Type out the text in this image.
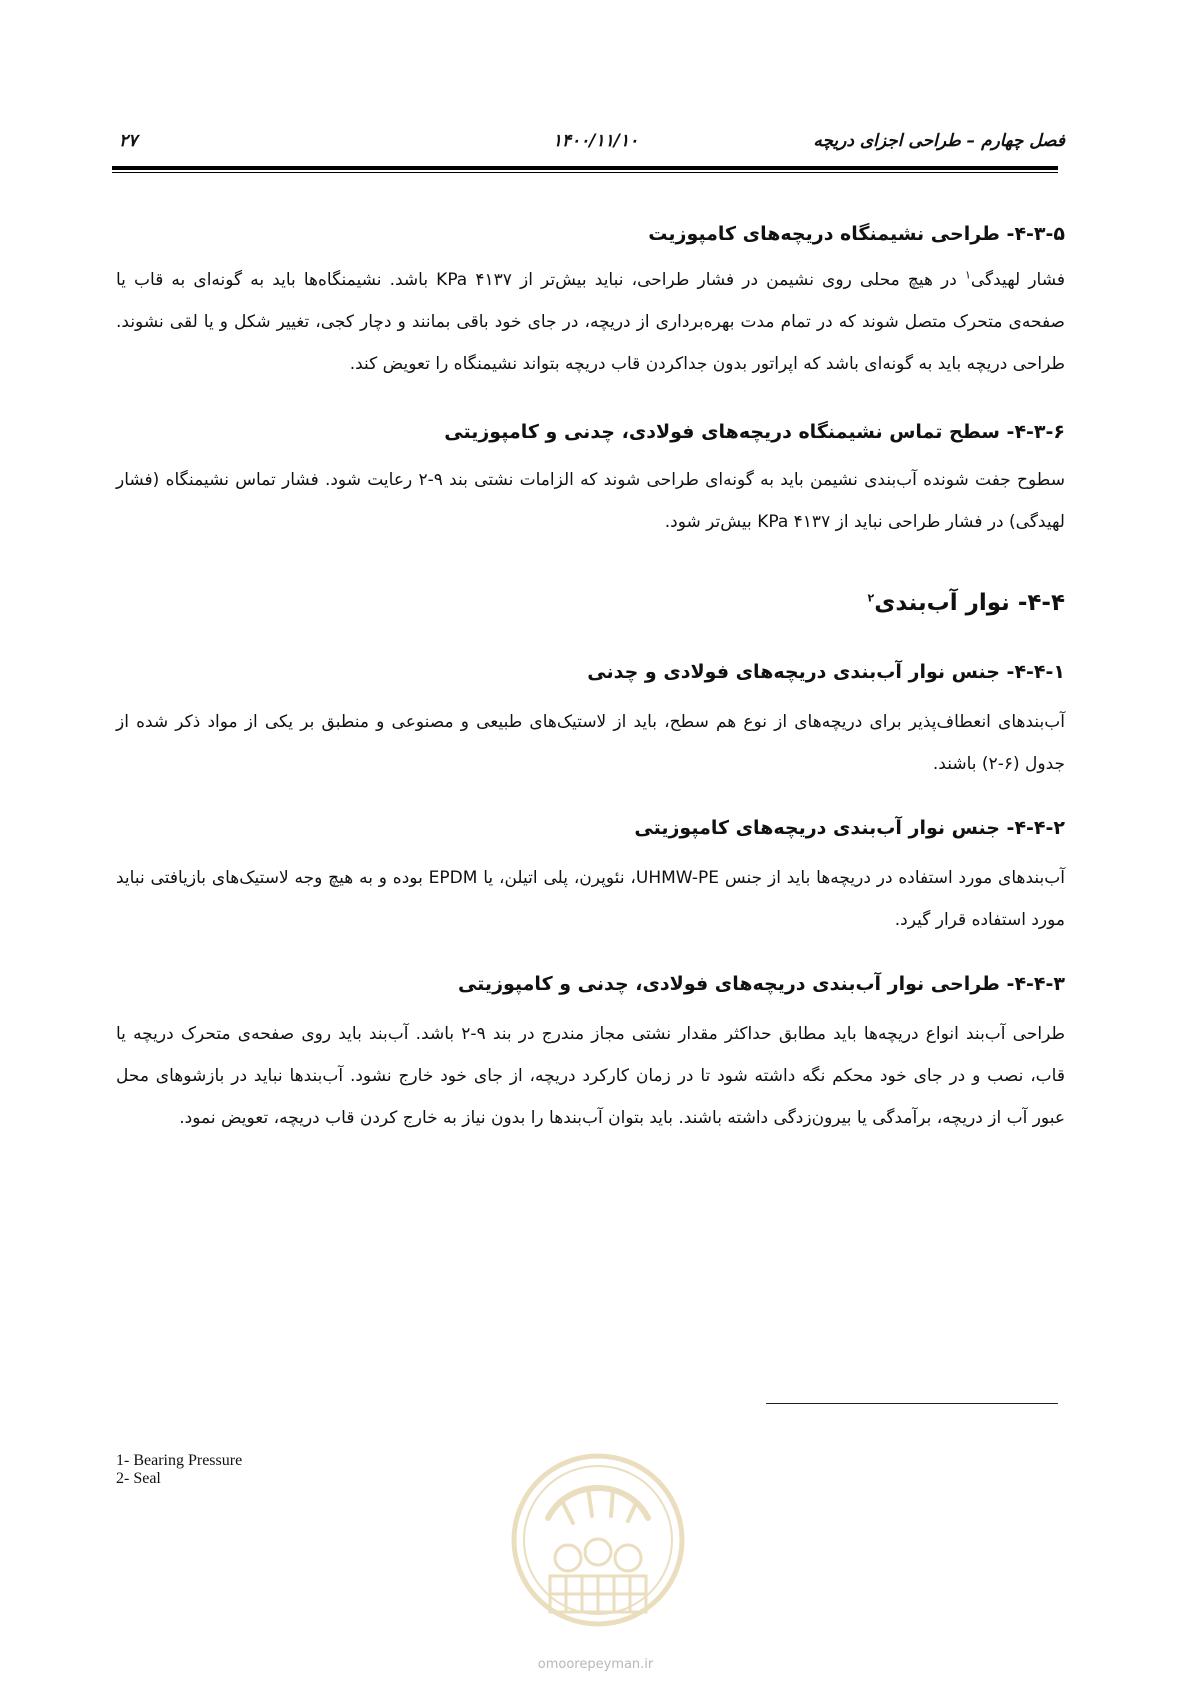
فصل چهارم – طراحی اجزای دریچه
۱۴۰۰/۱۱/۱۰
۲۷
۴-۳-۵- طراحی نشیمنگاه دریچه‌های کامپوزیت

فشار لهیدگی$^۱$ در هیچ محلی روی نشیمن در فشار طراحی، نباید بیش‌تر از ۴۱۳۷ KPa باشد. نشیمنگاه‌ها باید به گونه‌ای به قاب یا صفحه‌ی متحرک متصل شوند که در تمام مدت بهره‌برداری از دریچه، در جای خود باقی بمانند و دچار کجی، تغییر شکل و یا لقی نشوند. طراحی دریچه باید به گونه‌ای باشد که اپراتور بدون جداکردن قاب دریچه بتواند نشیمنگاه را تعویض کند.

۴-۳-۶- سطح تماس نشیمنگاه دریچه‌های فولادی، چدنی و کامپوزیتی

سطوح جفت شونده آب‌بندی نشیمن باید به گونه‌ای طراحی شوند که الزامات نشتی بند ۹-۲ رعایت شود. فشار تماس نشیمنگاه (فشار لهیدگی) در فشار طراحی نباید از ۴۱۳۷ KPa بیش‌تر شود.

۴-۴- نوار آب‌بندی$^۲$
۴-۴-۱- جنس نوار آب‌بندی دریچه‌های فولادی و چدنی

آب‌بندهای انعطاف‌پذیر برای دریچه‌های از نوع هم سطح، باید از لاستیک‌های طبیعی و مصنوعی و منطبق بر یکی از مواد ذکر شده از جدول (۶-۲) باشند.

۴-۴-۲- جنس نوار آب‌بندی دریچه‌های کامپوزیتی

آب‌بندهای مورد استفاده در دریچه‌ها باید از جنس UHMW-PE، نئوپرن، پلی اتیلن، یا EPDM بوده و به هیچ وجه لاستیک‌های بازیافتی نباید مورد استفاده قرار گیرد.

۴-۴-۳- طراحی نوار آب‌بندی دریچه‌های فولادی، چدنی و کامپوزیتی

طراحی آب‌بند انواع دریچه‌ها باید مطابق حداکثر مقدار نشتی مجاز مندرج در بند ۹-۲ باشد. آب‌بند باید روی صفحه‌ی متحرک دریچه یا قاب، نصب و در جای خود محکم نگه داشته شود تا در زمان کارکرد دریچه، از جای خود خارج نشود. آب‌بندها نباید در بازشوهای محل عبور آب از دریچه، برآمدگی یا بیرون‌زدگی داشته باشند. باید بتوان آب‌بندها را بدون نیاز به خارج کردن قاب دریچه، تعویض نمود.

1- Bearing Pressure
2- Seal
omoorepeyman.ir
